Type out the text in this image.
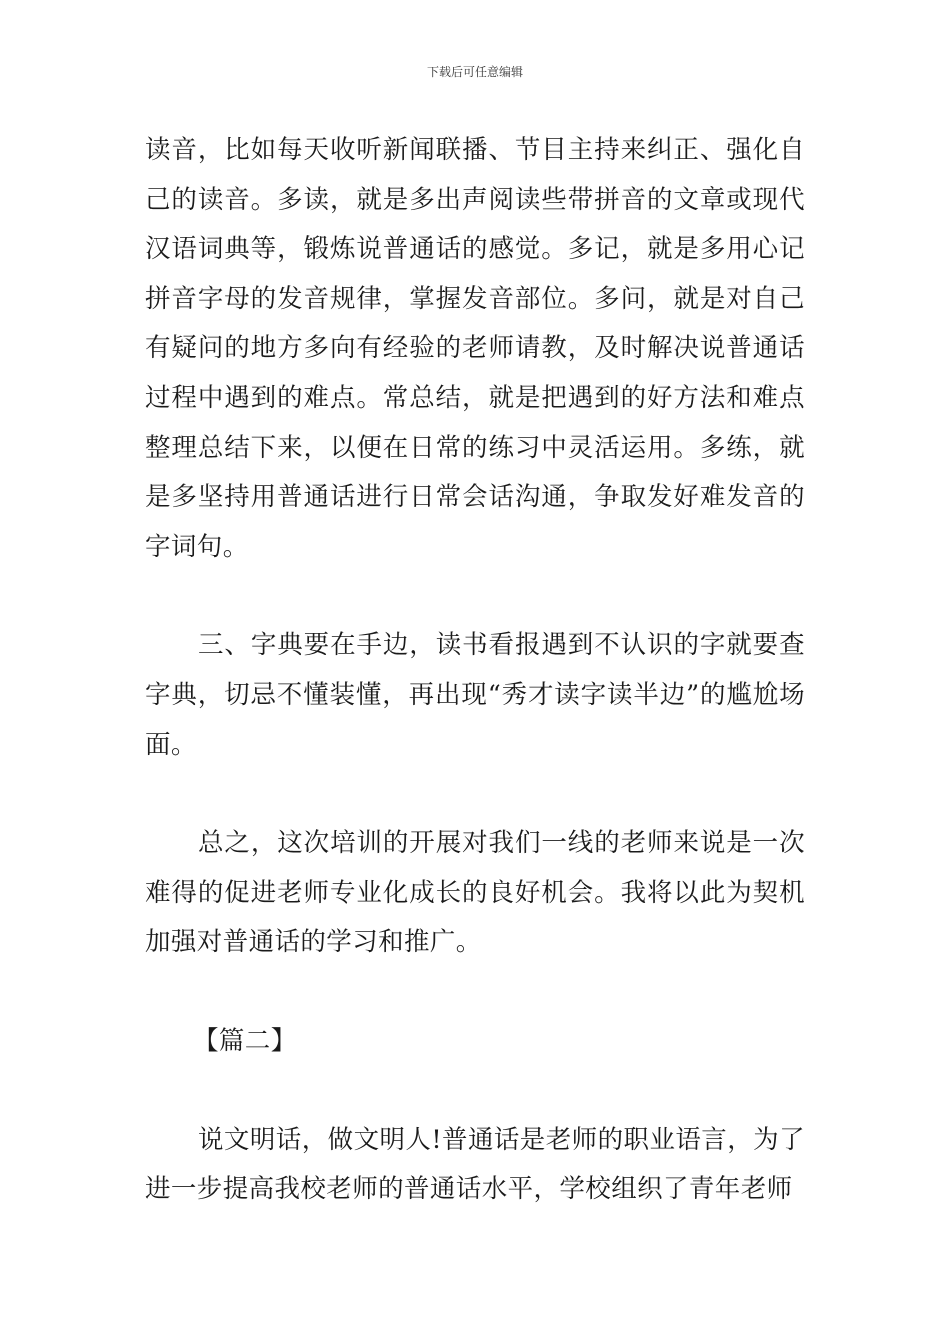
下载后可任意编辑

读音，比如每天收听新闻联播、节目主持来纠正、强化自己的读音。多读，就是多出声阅读些带拼音的文章或现代汉语词典等，锻炼说普通话的感觉。多记，就是多用心记拼音字母的发音规律，掌握发音部位。多问，就是对自己有疑问的地方多向有经验的老师请教，及时解决说普通话过程中遇到的难点。常总结，就是把遇到的好方法和难点整理总结下来，以便在日常的练习中灵活运用。多练，就是多坚持用普通话进行日常会话沟通，争取发好难发音的字词句。

三、字典要在手边，读书看报遇到不认识的字就要查字典，切忌不懂装懂，再出现“秀才读字读半边”的尴尬场面。

总之，这次培训的开展对我们一线的老师来说是一次难得的促进老师专业化成长的良好机会。我将以此为契机加强对普通话的学习和推广。

【篇二】

说文明话，做文明人!普通话是老师的职业语言，为了进一步提高我校老师的普通话水平，学校组织了青年老师
